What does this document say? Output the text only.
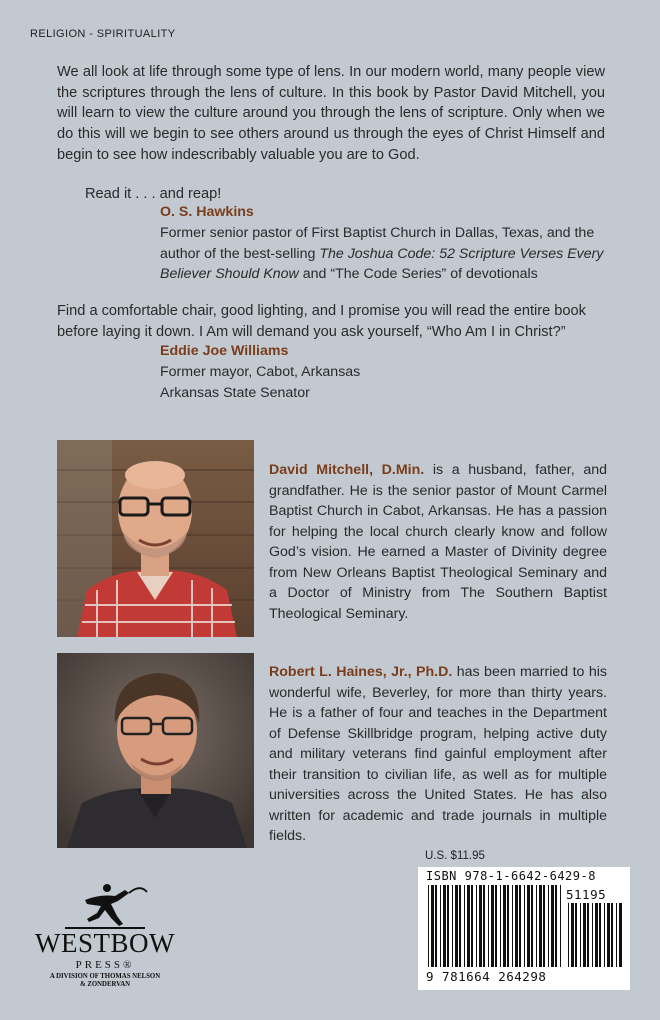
RELIGION - SPIRITUALITY

We all look at life through some type of lens. In our modern world, many people view the scriptures through the lens of culture. In this book by Pastor David Mitchell, you will learn to view the culture around you through the lens of scripture. Only when we do this will we begin to see others around us through the eyes of Christ Himself and begin to see how indescribably valuable you are to God.

Read it . . . and reap!
O. S. Hawkins
Former senior pastor of First Baptist Church in Dallas, Texas, and the author of the best-selling The Joshua Code: 52 Scripture Verses Every Believer Should Know and “The Code Series” of devotionals

Find a comfortable chair, good lighting, and I promise you will read the entire book before laying it down. I Am will demand you ask yourself, “Who Am I in Christ?”

Eddie Joe Williams
Former mayor, Cabot, Arkansas
Arkansas State Senator
David Mitchell, D.Min. is a husband, father, and grandfather. He is the senior pastor of Mount Carmel Baptist Church in Cabot, Arkansas. He has a passion for helping the local church clearly know and follow God’s vision. He earned a Master of Divinity degree from New Orleans Baptist Theological Seminary and a Doctor of Ministry from The Southern Baptist Theological Seminary.
Robert L. Haines, Jr., Ph.D. has been married to his wonderful wife, Beverley, for more than thirty years. He is a father of four and teaches in the Department of Defense Skillbridge program, helping active duty and military veterans find gainful employment after their transition to civilian life, as well as for multiple universities across the United States. He has also written for academic and trade journals in multiple fields.
U.S. $11.95
ISBN 978-1-6642-6429-8
51195
9 781664 264298
WESTBOW
PRESS®
A DIVISION OF THOMAS NELSON
& ZONDERVAN
